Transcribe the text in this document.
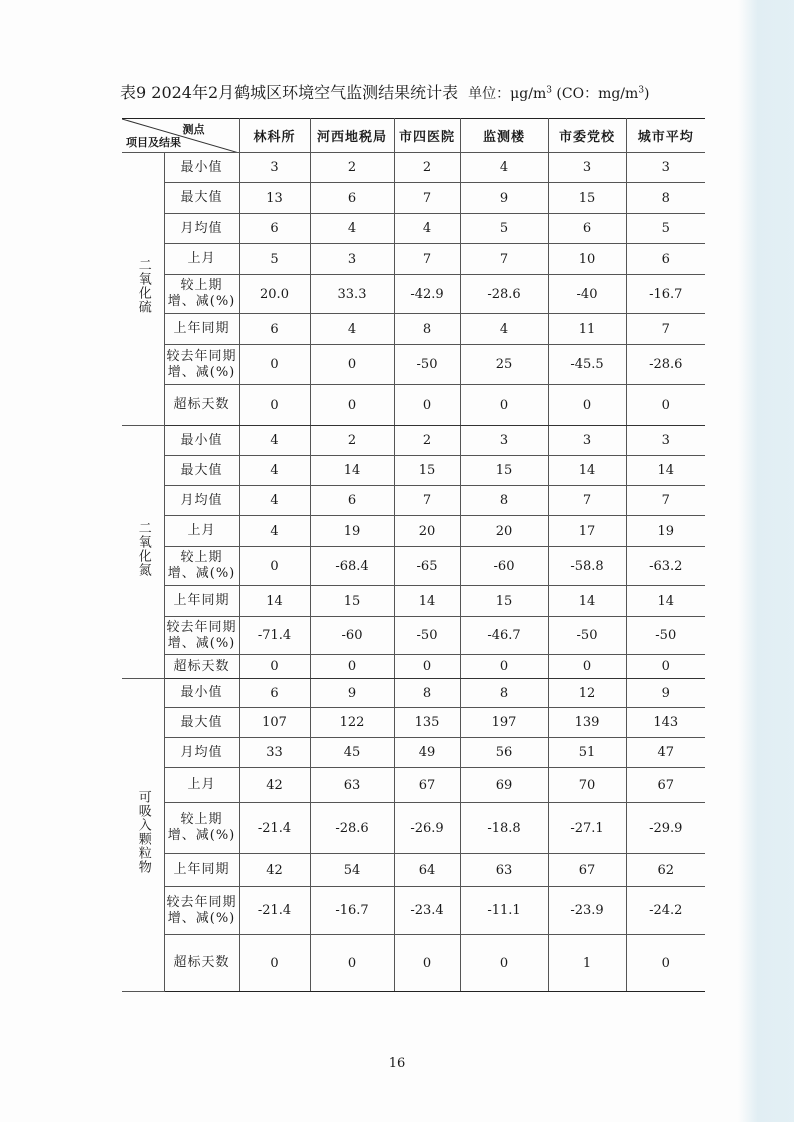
表9 2024年2月鹤城区环境空气监测结果统计表 单位：$\mu g/m^3$ (CO：$mg/m^3$)
测点
项目及结果		林科所	河西地税局	市四医院	监测楼	市委党校	城市平均
二氧化硫	最小值	3	2	2	4	3	3

	最大值	13	6	7	9	15	8

	月均值	6	4	4	5	6	5

	上月	5	3	7	7	10	6

	较上期
增、减(%)	20.0	33.3	-42.9	-28.6	-40	-16.7

	上年同期	6	4	8	4	11	7

	较去年同期
增、减(%)	0	0	-50	25	-45.5	-28.6

	超标天数	0	0	0	0	0	0
二氧化氮	最小值	4	2	2	3	3	3

	最大值	4	14	15	15	14	14

	月均值	4	6	7	8	7	7

	上月	4	19	20	20	17	19

	较上期
增、减(%)	0	-68.4	-65	-60	-58.8	-63.2

	上年同期	14	15	14	15	14	14

	较去年同期
增、减(%)	-71.4	-60	-50	-46.7	-50	-50

	超标天数	0	0	0	0	0	0
可吸入颗粒物	最小值	6	9	8	8	12	9

	最大值	107	122	135	197	139	143

	月均值	33	45	49	56	51	47

	上月	42	63	67	69	70	67

	较上期
增、减(%)	-21.4	-28.6	-26.9	-18.8	-27.1	-29.9

	上年同期	42	54	64	63	67	62

	较去年同期
增、减(%)	-21.4	-16.7	-23.4	-11.1	-23.9	-24.2

	超标天数	0	0	0	0	1	0
16
